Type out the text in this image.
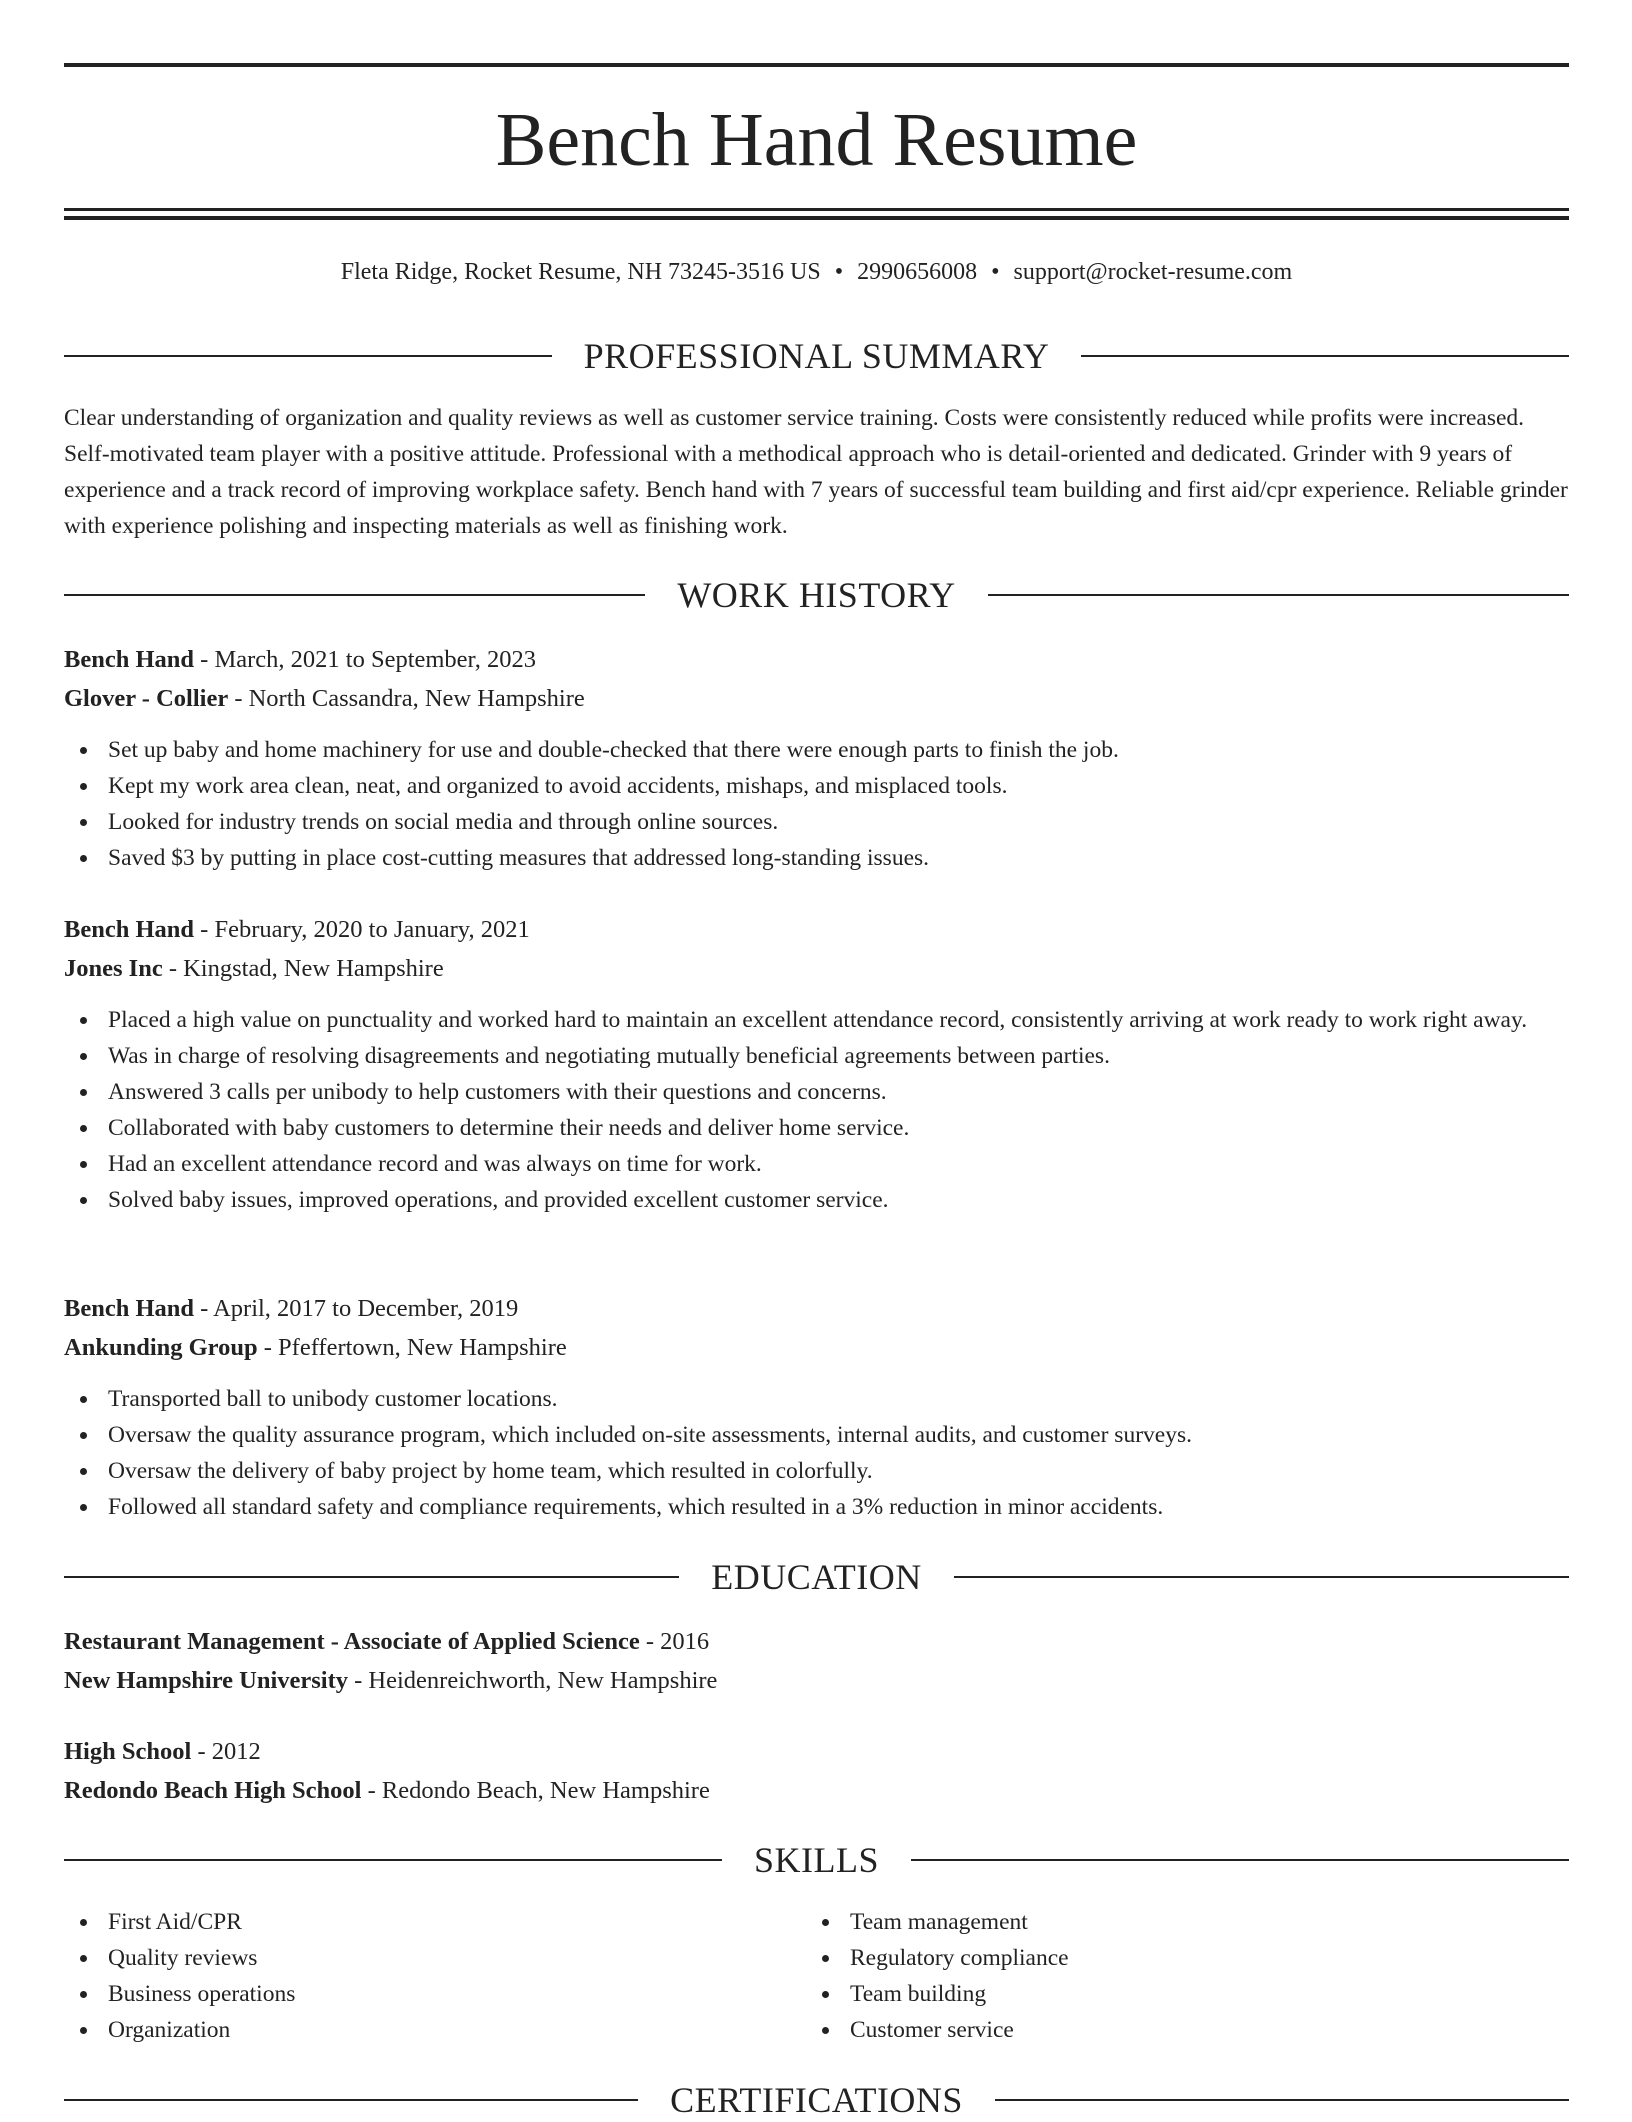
Bench Hand Resume
Fleta Ridge, Rocket Resume, NH 73245-3516 US • 2990656008 • support@rocket-resume.com
PROFESSIONAL SUMMARY

Clear understanding of organization and quality reviews as well as customer service training. Costs were consistently reduced while profits were increased. Self-motivated team player with a positive attitude. Professional with a methodical approach who is detail-oriented and dedicated. Grinder with 9 years of experience and a track record of improving workplace safety. Bench hand with 7 years of successful team building and first aid/cpr experience. Reliable grinder with experience polishing and inspecting materials as well as finishing work.

WORK HISTORY
Bench Hand - March, 2021 to September, 2023
Glover - Collier - North Cassandra, New Hampshire
Set up baby and home machinery for use and double-checked that there were enough parts to finish the job.
Kept my work area clean, neat, and organized to avoid accidents, mishaps, and misplaced tools.
Looked for industry trends on social media and through online sources.
Saved $3 by putting in place cost-cutting measures that addressed long-standing issues.
Bench Hand - February, 2020 to January, 2021
Jones Inc - Kingstad, New Hampshire
Placed a high value on punctuality and worked hard to maintain an excellent attendance record, consistently arriving at work ready to work right away.
Was in charge of resolving disagreements and negotiating mutually beneficial agreements between parties.
Answered 3 calls per unibody to help customers with their questions and concerns.
Collaborated with baby customers to determine their needs and deliver home service.
Had an excellent attendance record and was always on time for work.
Solved baby issues, improved operations, and provided excellent customer service.
Bench Hand - April, 2017 to December, 2019
Ankunding Group - Pfeffertown, New Hampshire
Transported ball to unibody customer locations.
Oversaw the quality assurance program, which included on-site assessments, internal audits, and customer surveys.
Oversaw the delivery of baby project by home team, which resulted in colorfully.
Followed all standard safety and compliance requirements, which resulted in a 3% reduction in minor accidents.
EDUCATION
Restaurant Management - Associate of Applied Science - 2016
New Hampshire University - Heidenreichworth, New Hampshire
High School - 2012
Redondo Beach High School - Redondo Beach, New Hampshire
SKILLS
First Aid/CPR
Quality reviews
Business operations
Organization
Team management
Regulatory compliance
Team building
Customer service
CERTIFICATIONS
